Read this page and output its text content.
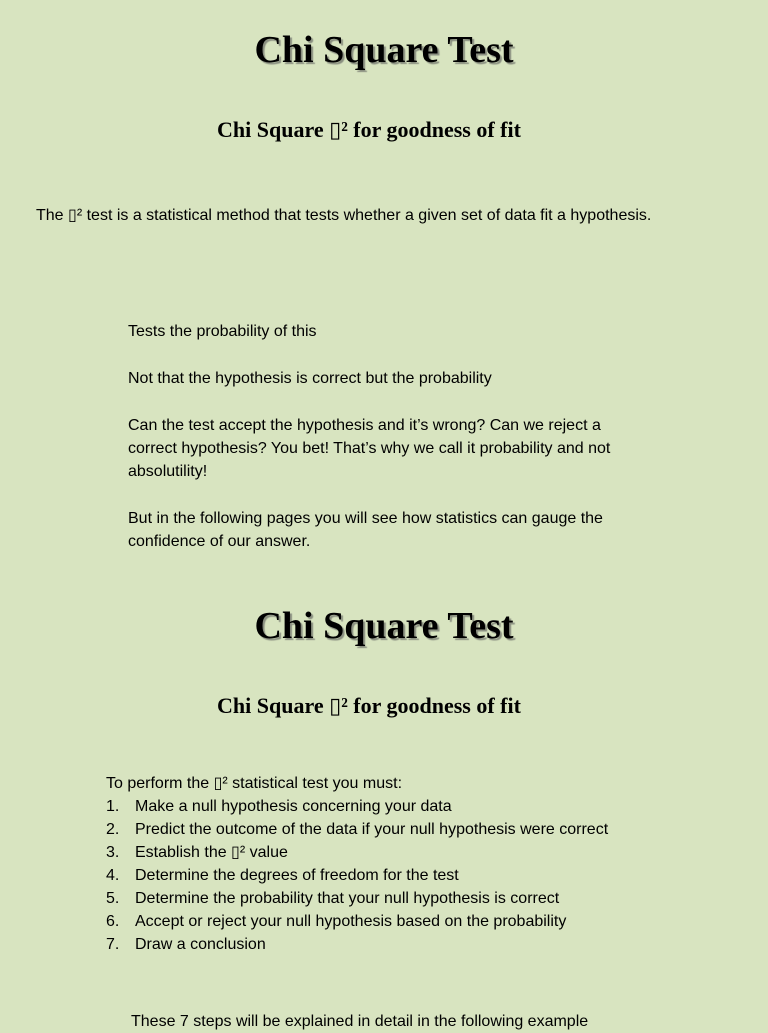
Chi Square Test
Chi Square ▯² for goodness of fit

The ▯² test is a statistical method that tests whether a given set of data fit a hypothesis.

Tests the probability of this

Not that the hypothesis is correct but the probability

Can the test accept the hypothesis and it’s wrong? Can we reject a correct hypothesis? You bet! That’s why we call it probability and not absolutility!

But in the following pages you will see how statistics can gauge the confidence of our answer.

Chi Square Test
Chi Square ▯² for goodness of fit

To perform the ▯² statistical test you must:

1. Make a null hypothesis concerning your data
2. Predict the outcome of the data if your null hypothesis were correct
3. Establish the ▯² value
4. Determine the degrees of freedom for the test
5. Determine the probability that your null hypothesis is correct
6. Accept or reject your null hypothesis based on the probability
7. Draw a conclusion

These 7 steps will be explained in detail in the following example
